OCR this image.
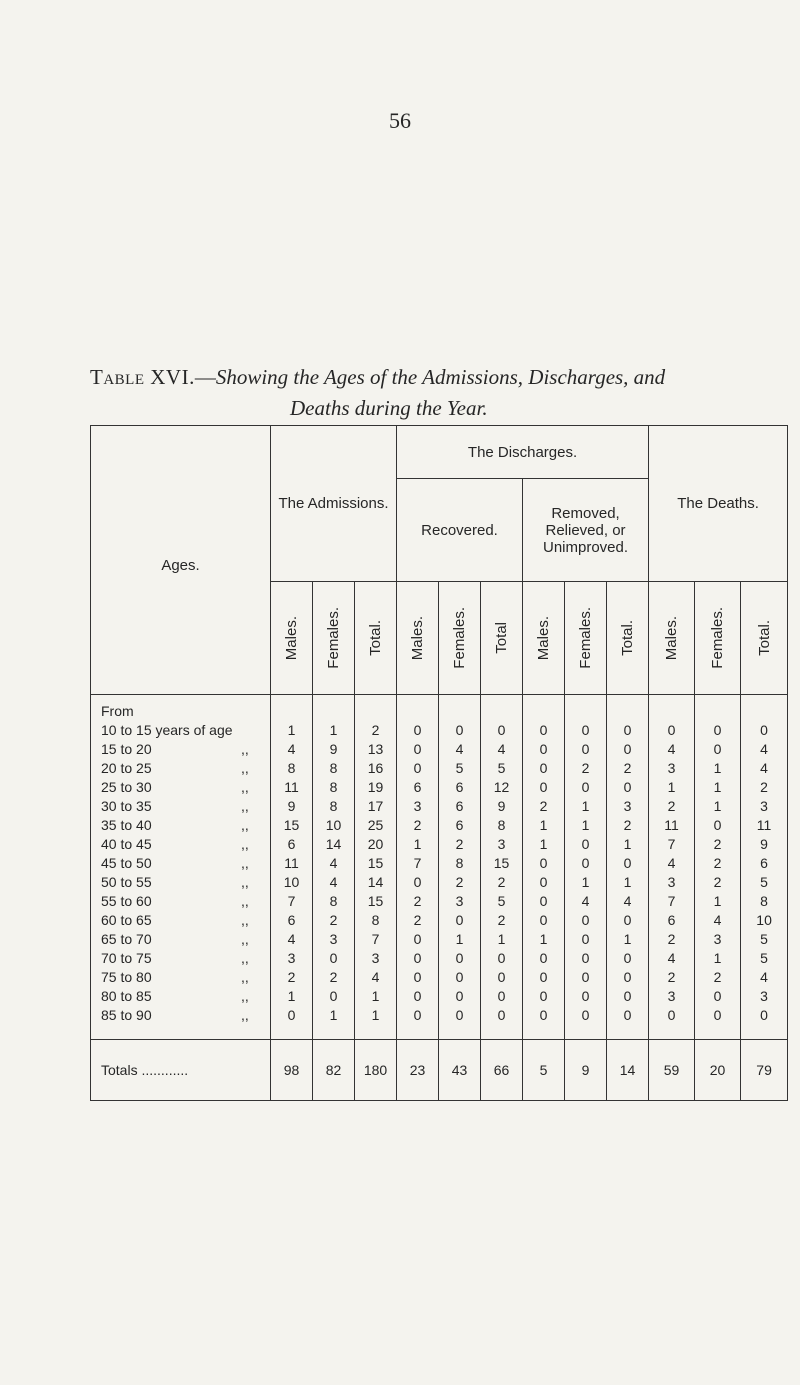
56
Table XVI.—Showing the Ages of the Admissions, Discharges, and
Deaths during the Year.
Ages.	The Admissions.			The Discharges.						The Deaths.		
				Recovered.			Removed, Relieved, or Unimproved.					

	Males.	Females.	Total.	Males.	Females.	Total	Males.	Females.	Total.	Males.	Females.	Total.

From												
10 to 15 years of age	1	1	2	0	0	0	0	0	0	0	0	0
15 to 20 ,,	4	9	13	0	4	4	0	0	0	4	0	4
20 to 25 ,,	8	8	16	0	5	5	0	2	2	3	1	4
25 to 30 ,,	11	8	19	6	6	12	0	0	0	1	1	2
30 to 35 ,,	9	8	17	3	6	9	2	1	3	2	1	3
35 to 40 ,,	15	10	25	2	6	8	1	1	2	11	0	11
40 to 45 ,,	6	14	20	1	2	3	1	0	1	7	2	9
45 to 50 ,,	11	4	15	7	8	15	0	0	0	4	2	6
50 to 55 ,,	10	4	14	0	2	2	0	1	1	3	2	5
55 to 60 ,,	7	8	15	2	3	5	0	4	4	7	1	8
60 to 65 ,,	6	2	8	2	0	2	0	0	0	6	4	10
65 to 70 ,,	4	3	7	0	1	1	1	0	1	2	3	5
70 to 75 ,,	3	0	3	0	0	0	0	0	0	4	1	5
75 to 80 ,,	2	2	4	0	0	0	0	0	0	2	2	4
80 to 85 ,,	1	0	1	0	0	0	0	0	0	3	0	3
85 to 90 ,,	0	1	1	0	0	0	0	0	0	0	0	0

Totals ............	98	82	180	23	43	66	5	9	14	59	20	79
